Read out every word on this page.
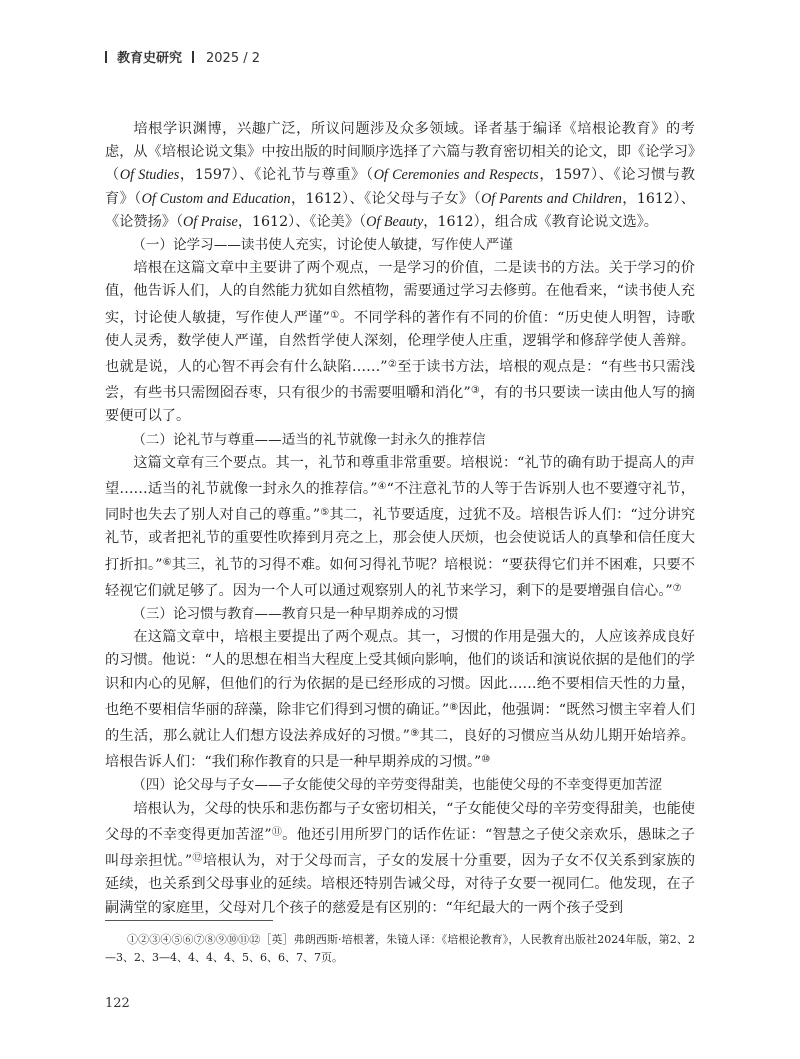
教育史研究 2025 / 2

培根学识渊博，兴趣广泛，所议问题涉及众多领域。译者基于编译《培根论教育》的考虑，从《培根论说文集》中按出版的时间顺序选择了六篇与教育密切相关的论文，即《论学习》（Of Studies，1597）、《论礼节与尊重》（Of Ceremonies and Respects，1597）、《论习惯与教育》（Of Custom and Education，1612）、《论父母与子女》（Of Parents and Children，1612）、《论赞扬》（Of Praise，1612）、《论美》（Of Beauty，1612），组合成《教育论说文选》。

（一）论学习——读书使人充实，讨论使人敏捷，写作使人严谨

培根在这篇文章中主要讲了两个观点，一是学习的价值，二是读书的方法。关于学习的价值，他告诉人们，人的自然能力犹如自然植物，需要通过学习去修剪。在他看来，“读书使人充实，讨论使人敏捷，写作使人严谨”①。不同学科的著作有不同的价值：“历史使人明智，诗歌使人灵秀，数学使人严谨，自然哲学使人深刻，伦理学使人庄重，逻辑学和修辞学使人善辩。也就是说，人的心智不再会有什么缺陷……”②至于读书方法，培根的观点是：“有些书只需浅尝，有些书只需囫囵吞枣，只有很少的书需要咀嚼和消化”③，有的书只要读一读由他人写的摘要便可以了。

（二）论礼节与尊重——适当的礼节就像一封永久的推荐信

这篇文章有三个要点。其一，礼节和尊重非常重要。培根说：“礼节的确有助于提高人的声望……适当的礼节就像一封永久的推荐信。”④“不注意礼节的人等于告诉别人也不要遵守礼节，同时也失去了别人对自己的尊重。”⑤其二，礼节要适度，过犹不及。培根告诉人们：“过分讲究礼节，或者把礼节的重要性吹捧到月亮之上，那会使人厌烦，也会使说话人的真挚和信任度大打折扣。”⑥其三，礼节的习得不难。如何习得礼节呢？培根说：“要获得它们并不困难，只要不轻视它们就足够了。因为一个人可以通过观察别人的礼节来学习，剩下的是要增强自信心。”⑦

（三）论习惯与教育——教育只是一种早期养成的习惯

在这篇文章中，培根主要提出了两个观点。其一，习惯的作用是强大的，人应该养成良好的习惯。他说：“人的思想在相当大程度上受其倾向影响，他们的谈话和演说依据的是他们的学识和内心的见解，但他们的行为依据的是已经形成的习惯。因此……绝不要相信天性的力量，也绝不要相信华丽的辞藻，除非它们得到习惯的确证。”⑧因此，他强调：“既然习惯主宰着人们的生活，那么就让人们想方设法养成好的习惯。”⑨其二，良好的习惯应当从幼儿期开始培养。培根告诉人们：“我们称作教育的只是一种早期养成的习惯。”⑩

（四）论父母与子女——子女能使父母的辛劳变得甜美，也能使父母的不幸变得更加苦涩

培根认为，父母的快乐和悲伤都与子女密切相关，“子女能使父母的辛劳变得甜美，也能使父母的不幸变得更加苦涩”⑪。他还引用所罗门的话作佐证：“智慧之子使父亲欢乐，愚昧之子叫母亲担忧。”⑫培根认为，对于父母而言，子女的发展十分重要，因为子女不仅关系到家族的延续，也关系到父母事业的延续。培根还特别告诫父母，对待子女要一视同仁。他发现，在子嗣满堂的家庭里，父母对几个孩子的慈爱是有区别的：“年纪最大的一两个孩子受到

①②③④⑤⑥⑦⑧⑨⑩⑪⑫［英］弗朗西斯·培根著，朱镜人译：《培根论教育》，人民教育出版社2024年版，第2、2—3、2、3—4、4、4、4、5、6、6、7、7页。
122
